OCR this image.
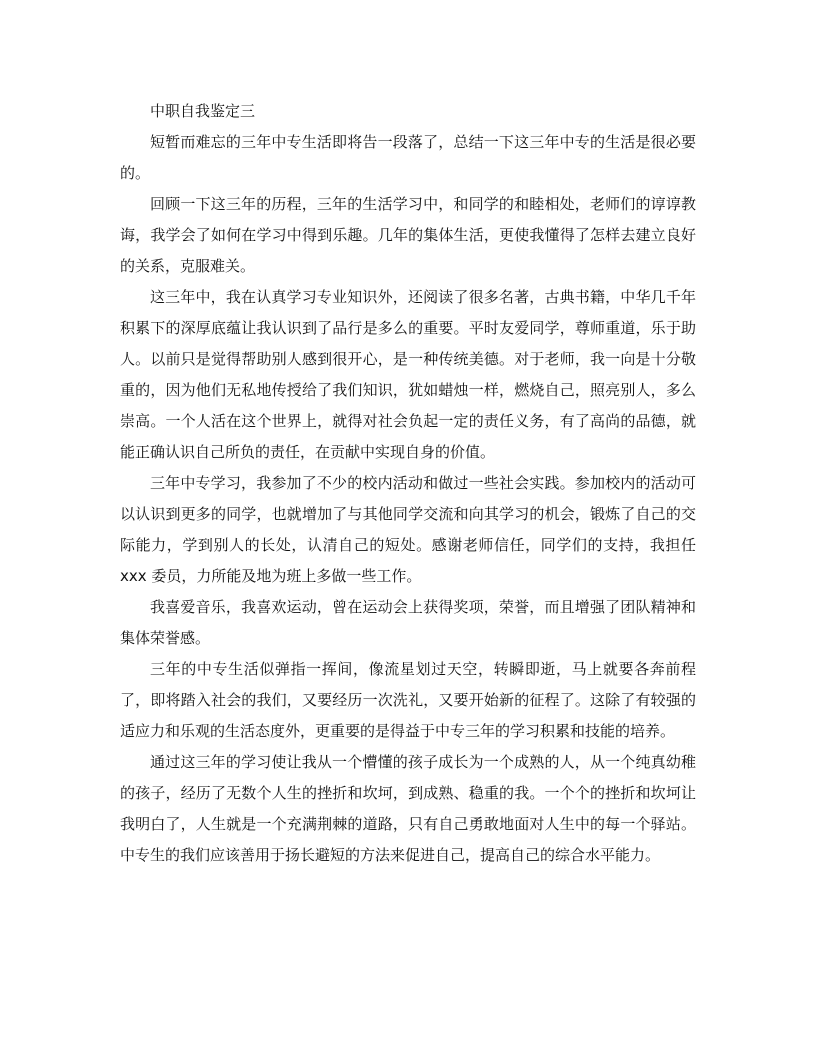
中职自我鉴定三

短暂而难忘的三年中专生活即将告一段落了，总结一下这三年中专的生活是很必要的。

回顾一下这三年的历程，三年的生活学习中，和同学的和睦相处，老师们的谆谆教诲，我学会了如何在学习中得到乐趣。几年的集体生活，更使我懂得了怎样去建立良好的关系，克服难关。

这三年中，我在认真学习专业知识外，还阅读了很多名著，古典书籍，中华几千年积累下的深厚底蕴让我认识到了品行是多么的重要。平时友爱同学，尊师重道，乐于助人。以前只是觉得帮助别人感到很开心，是一种传统美德。对于老师，我一向是十分敬重的，因为他们无私地传授给了我们知识，犹如蜡烛一样，燃烧自己，照亮别人，多么崇高。一个人活在这个世界上，就得对社会负起一定的责任义务，有了高尚的品德，就能正确认识自己所负的责任，在贡献中实现自身的价值。

三年中专学习，我参加了不少的校内活动和做过一些社会实践。参加校内的活动可以认识到更多的同学，也就增加了与其他同学交流和向其学习的机会，锻炼了自己的交际能力，学到别人的长处，认清自己的短处。感谢老师信任，同学们的支持，我担任 xxx 委员，力所能及地为班上多做一些工作。

我喜爱音乐，我喜欢运动，曾在运动会上获得奖项，荣誉，而且增强了团队精神和集体荣誉感。

三年的中专生活似弹指一挥间，像流星划过天空，转瞬即逝，马上就要各奔前程了，即将踏入社会的我们，又要经历一次洗礼，又要开始新的征程了。这除了有较强的适应力和乐观的生活态度外，更重要的是得益于中专三年的学习积累和技能的培养。

通过这三年的学习使让我从一个懵懂的孩子成长为一个成熟的人，从一个纯真幼稚的孩子，经历了无数个人生的挫折和坎坷，到成熟、稳重的我。一个个的挫折和坎坷让我明白了，人生就是一个充满荆棘的道路，只有自己勇敢地面对人生中的每一个驿站。中专生的我们应该善用于扬长避短的方法来促进自己，提高自己的综合水平能力。
